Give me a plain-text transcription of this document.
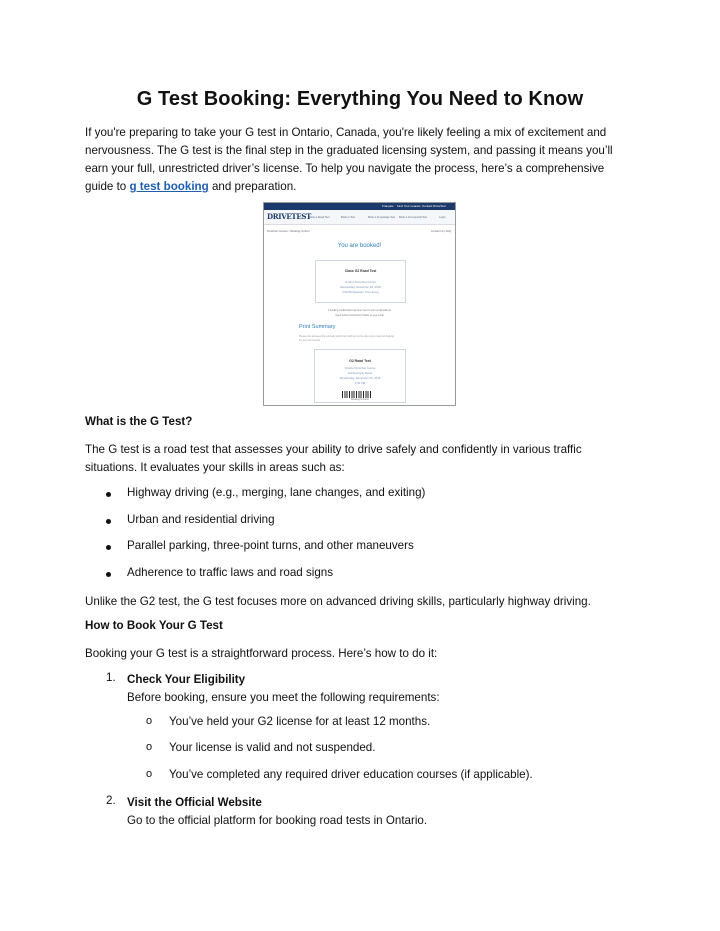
G Test Booking: Everything You Need to Know
If you're preparing to take your G test in Ontario, Canada, you're likely feeling a mix of excitement and
nervousness. The G test is the final step in the graduated licensing system, and passing it means you’ll
earn your full, unrestricted driver’s license. To help you navigate the process, here’s a comprehensive
guide to g test booking and preparation.
Français Find Your nearest Contact DriveTest
DRIVETEST
Book a Road Test	Book G Test	Book a Knowledge Test Book a Commercial Test	Login
DriveTest Centres > Booking Confirm	Contact Us | FAQ
You are booked!
Class G2 Road Test
Ontario DriveTest Centre
Wednesday, December 26, 2018
2:30 PM (Eastern Time Zone)
A booking confirmation has been sent to your email address
Need further instructions? Refer to your email
Print Summary
Please print and keep this summary and bring it with you on the day of your road test booking
for your own records
G2 Road Test
Ontario DriveTest Centre
123 Example Street
Wednesday, December 26, 2018
2:30 PM
Booking Number
What is the G Test?
The G test is a road test that assesses your ability to drive safely and confidently in various traffic
situations. It evaluates your skills in areas such as:
Highway driving (e.g., merging, lane changes, and exiting)
Urban and residential driving
Parallel parking, three-point turns, and other maneuvers
Adherence to traffic laws and road signs
Unlike the G2 test, the G test focuses more on advanced driving skills, particularly highway driving.
How to Book Your G Test
Booking your G test is a straightforward process. Here’s how to do it:
1. Check Your Eligibility
Before booking, ensure you meet the following requirements:
o You’ve held your G2 license for at least 12 months.
o Your license is valid and not suspended.
o You’ve completed any required driver education courses (if applicable).
2. Visit the Official Website
Go to the official platform for booking road tests in Ontario.
